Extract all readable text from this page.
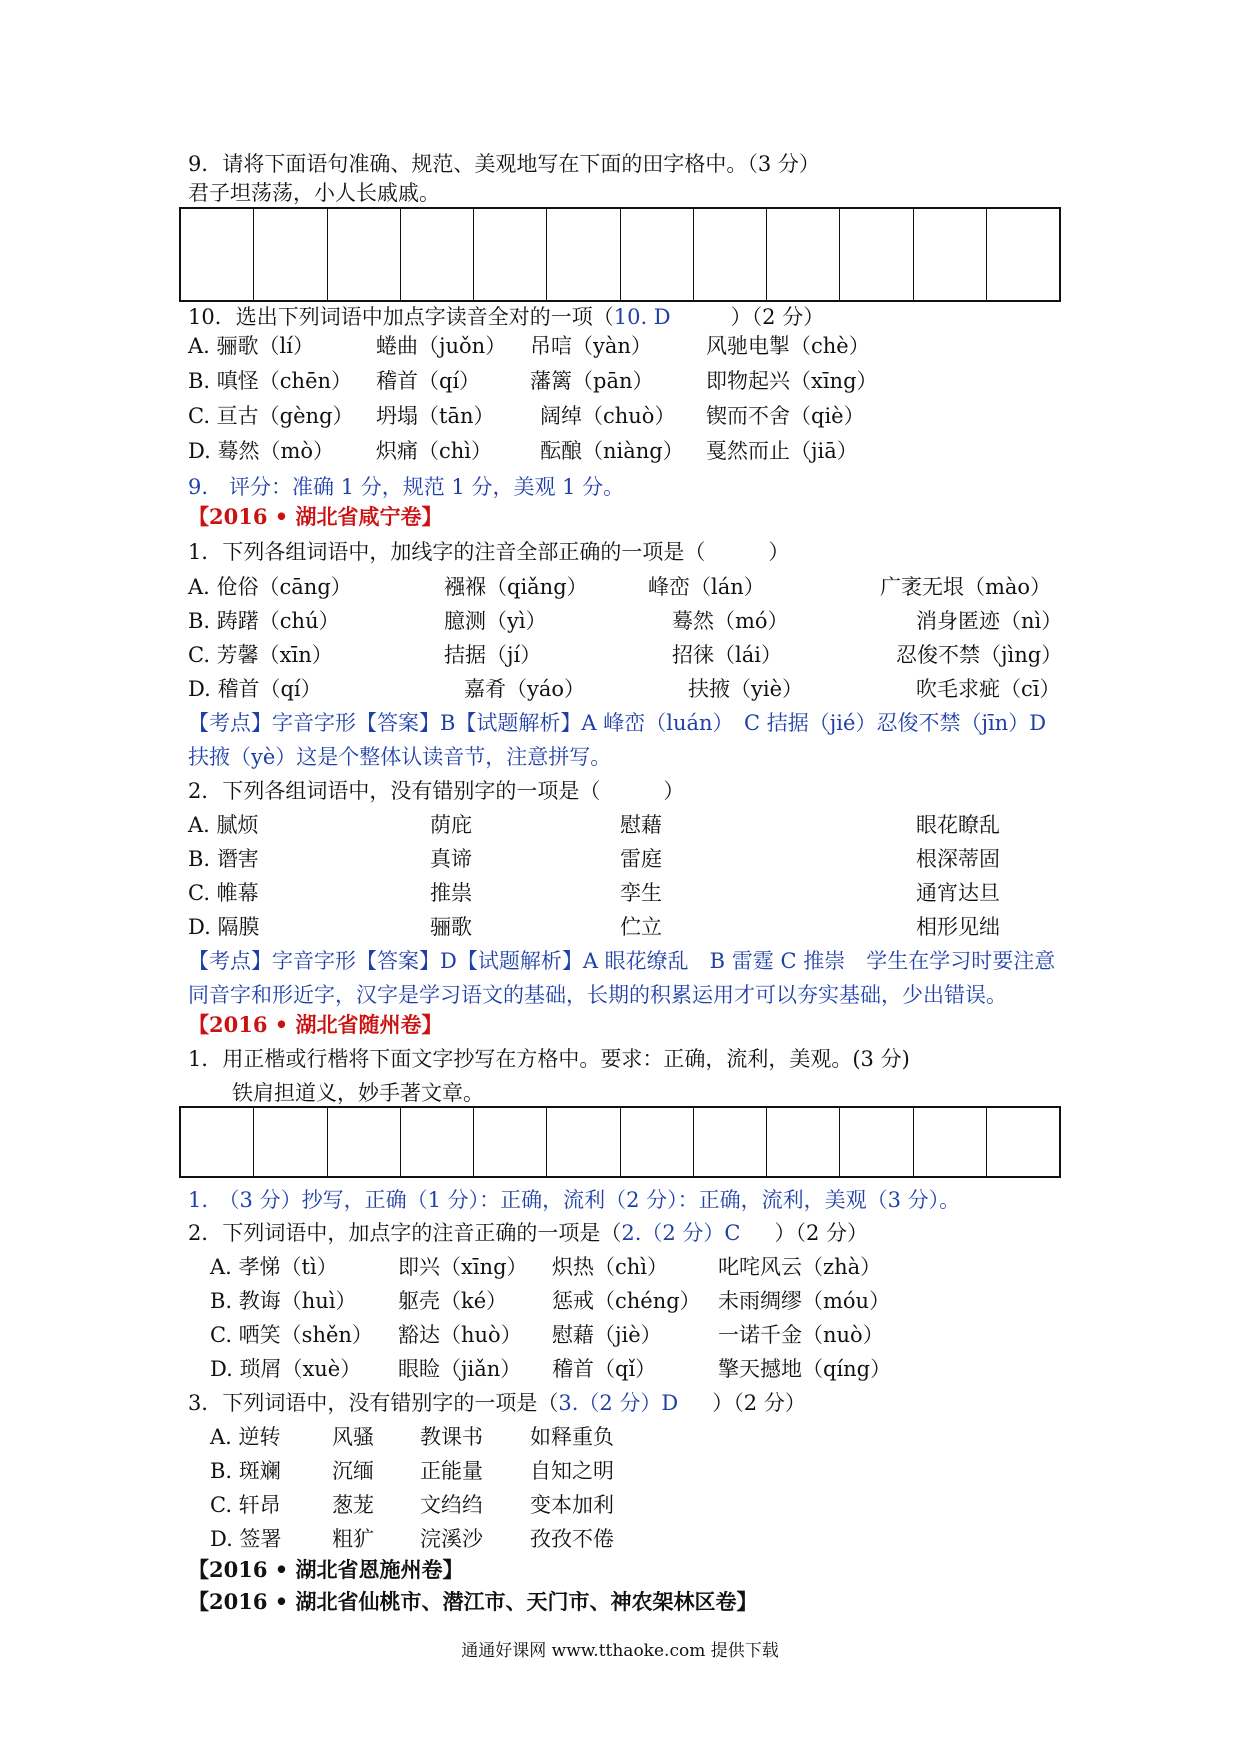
9．请将下面语句准确、规范、美观地写在下面的田字格中。（3 分）
君子坦荡荡，小人长戚戚。
10．选出下列词语中加点字读音全对的一项（10. D	）（2 分）
A. 骊歌（lí）	蜷曲（juǒn） 吊唁（yàn）	风驰电掣（chè）
B. 嗔怪（chēn） 稽首（qí） 藩篱（pān）	即物起兴（xīng）
C. 亘古（gèng） 坍塌（tān） 阔绰（chuò） 锲而不舍（qiè）
D. 蓦然（mò） 炽痛（chì） 酝酿（niàng） 戛然而止（jiā）
9.　评分：准确 1 分，规范 1 分，美观 1 分。
【2016 • 湖北省咸宁卷】
1．下列各组词语中，加线字的注音全部正确的一项是（　　　）
A. 伧俗（cāng）	襁褓（qiǎng）	峰峦（lán）	广袤无垠（mào）
B. 踌躇（chú）	臆测（yì）	蓦然（mó）	消身匿迹（nì）
C. 芳馨（xīn）	拮据（jí）	招徕（lái）	忍俊不禁（jìng）
D. 稽首（qí）	嘉肴（yáo）	扶掖（yiè）	吹毛求疵（cī）
【考点】字音字形【答案】B【试题解析】A 峰峦（luán）　C 拮据（jié）忍俊不禁（jīn）D
扶掖（yè）这是个整体认读音节，注意拼写。
2．下列各组词语中，没有错别字的一项是（　　　）
A. 腻烦	荫庇	慰藉	眼花瞭乱
B. 谮害	真谛	雷庭	根深蒂固
C. 帷幕	推祟	孪生	通宵达旦
D. 隔膜	骊歌	伫立	相形见绌
【考点】字音字形【答案】D【试题解析】A 眼花缭乱　B 雷霆 C 推崇　学生在学习时要注意
同音字和形近字，汉字是学习语文的基础，长期的积累运用才可以夯实基础，少出错误。
【2016 • 湖北省随州卷】
1．用正楷或行楷将下面文字抄写在方格中。要求：正确，流利，美观。(3 分)
铁肩担道义，妙手著文章。
1.　（3 分）抄写，正确（1 分）：正确，流利（2 分）：正确，流利，美观（3 分）。
2．下列词语中，加点字的注音正确的一项是（2.（2 分）C ）（2 分）
A. 孝悌（tì）	即兴（xīng） 炽热（chì） 叱咤风云（zhà）
B. 教诲（huì） 躯壳（ké） 惩戒（chéng） 未雨绸缪（móu）
C. 哂笑（shěn） 豁达（huò） 慰藉（jiè）	一诺千金（nuò）
D. 琐屑（xuè） 眼睑（jiǎn） 稽首（qǐ）	擎天撼地（qíng）
3．下列词语中，没有错别字的一项是（3.（2 分）D ）（2 分）
A. 逆转 风骚 教课书 如释重负
B. 斑斓 沉缅 正能量 自知之明
C. 轩昂 葱茏 文绉绉 变本加利
D. 签署 粗犷 浣溪沙 孜孜不倦
【2016 • 湖北省恩施州卷】
【2016 • 湖北省仙桃市、潜江市、天门市、神农架林区卷】
通通好课网 www.tthaoke.com 提供下载
